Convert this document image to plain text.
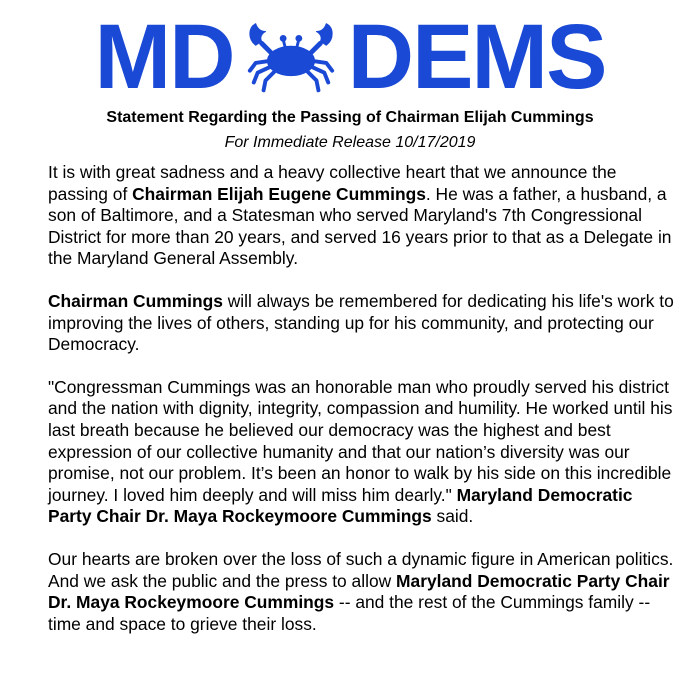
MD DEMS
Statement Regarding the Passing of Chairman Elijah Cummings
For Immediate Release 10/17/2019

It is with great sadness and a heavy collective heart that we announce the passing of Chairman Elijah Eugene Cummings. He was a father, a husband, a son of Baltimore, and a Statesman who served Maryland's 7th Congressional District for more than 20 years, and served 16 years prior to that as a Delegate in the Maryland General Assembly.

Chairman Cummings will always be remembered for dedicating his life's work to improving the lives of others, standing up for his community, and protecting our Democracy.

"Congressman Cummings was an honorable man who proudly served his district and the nation with dignity, integrity, compassion and humility. He worked until his last breath because he believed our democracy was the highest and best expression of our collective humanity and that our nation’s diversity was our promise, not our problem. It’s been an honor to walk by his side on this incredible journey. I loved him deeply and will miss him dearly." Maryland Democratic Party Chair Dr. Maya Rockeymoore Cummings said.

Our hearts are broken over the loss of such a dynamic figure in American politics. And we ask the public and the press to allow Maryland Democratic Party Chair Dr. Maya Rockeymoore Cummings -- and the rest of the Cummings family -- time and space to grieve their loss.
